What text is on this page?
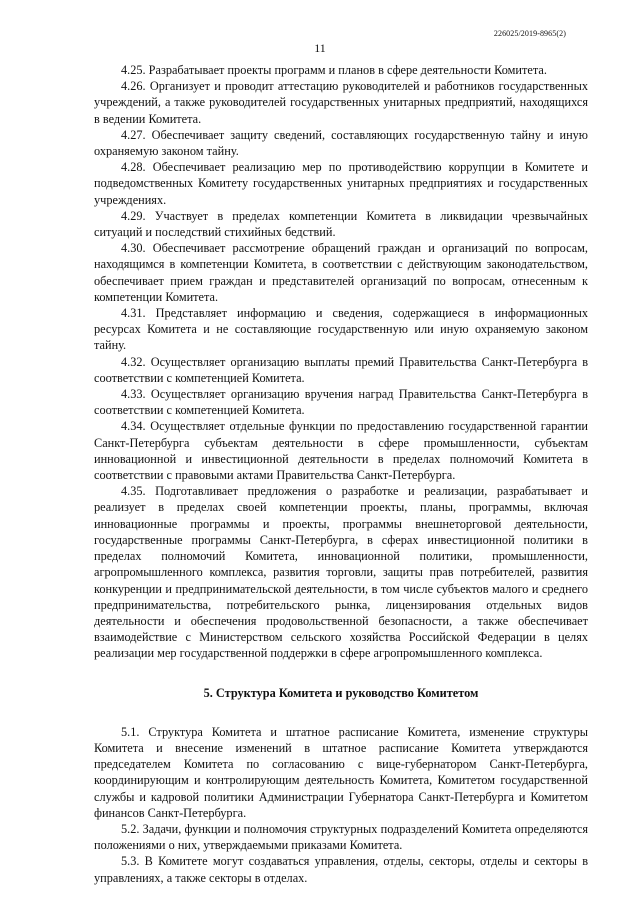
226025/2019-8965(2)
11

4.25. Разрабатывает проекты программ и планов в сфере деятельности Комитета.

4.26. Организует и проводит аттестацию руководителей и работников государственных учреждений, а также руководителей государственных унитарных предприятий, находящихся в ведении Комитета.

4.27. Обеспечивает защиту сведений, составляющих государственную тайну и иную охраняемую законом тайну.

4.28. Обеспечивает реализацию мер по противодействию коррупции в Комитете и подведомственных Комитету государственных унитарных предприятиях и государственных учреждениях.

4.29. Участвует в пределах компетенции Комитета в ликвидации чрезвычайных ситуаций и последствий стихийных бедствий.

4.30. Обеспечивает рассмотрение обращений граждан и организаций по вопросам, находящимся в компетенции Комитета, в соответствии с действующим законодательством, обеспечивает прием граждан и представителей организаций по вопросам, отнесенным к компетенции Комитета.

4.31. Представляет информацию и сведения, содержащиеся в информационных ресурсах Комитета и не составляющие государственную или иную охраняемую законом тайну.

4.32. Осуществляет организацию выплаты премий Правительства Санкт-Петербурга в соответствии с компетенцией Комитета.

4.33. Осуществляет организацию вручения наград Правительства Санкт-Петербурга в соответствии с компетенцией Комитета.

4.34. Осуществляет отдельные функции по предоставлению государственной гарантии Санкт-Петербурга субъектам деятельности в сфере промышленности, субъектам инновационной и инвестиционной деятельности в пределах полномочий Комитета в соответствии с правовыми актами Правительства Санкт-Петербурга.

4.35. Подготавливает предложения о разработке и реализации, разрабатывает и реализует в пределах своей компетенции проекты, планы, программы, включая инновационные программы и проекты, программы внешнеторговой деятельности, государственные программы Санкт-Петербурга, в сферах инвестиционной политики в пределах полномочий Комитета, инновационной политики, промышленности, агропромышленного комплекса, развития торговли, защиты прав потребителей, развития конкуренции и предпринимательской деятельности, в том числе субъектов малого и среднего предпринимательства, потребительского рынка, лицензирования отдельных видов деятельности и обеспечения продовольственной безопасности, а также обеспечивает взаимодействие с Министерством сельского хозяйства Российской Федерации в целях реализации мер государственной поддержки в сфере агропромышленного комплекса.

5. Структура Комитета и руководство Комитетом

5.1. Структура Комитета и штатное расписание Комитета, изменение структуры Комитета и внесение изменений в штатное расписание Комитета утверждаются председателем Комитета по согласованию с вице-губернатором Санкт-Петербурга, координирующим и контролирующим деятельность Комитета, Комитетом государственной службы и кадровой политики Администрации Губернатора Санкт-Петербурга и Комитетом финансов Санкт-Петербурга.

5.2. Задачи, функции и полномочия структурных подразделений Комитета определяются положениями о них, утверждаемыми приказами Комитета.

5.3. В Комитете могут создаваться управления, отделы, секторы, отделы и секторы в управлениях, а также секторы в отделах.
